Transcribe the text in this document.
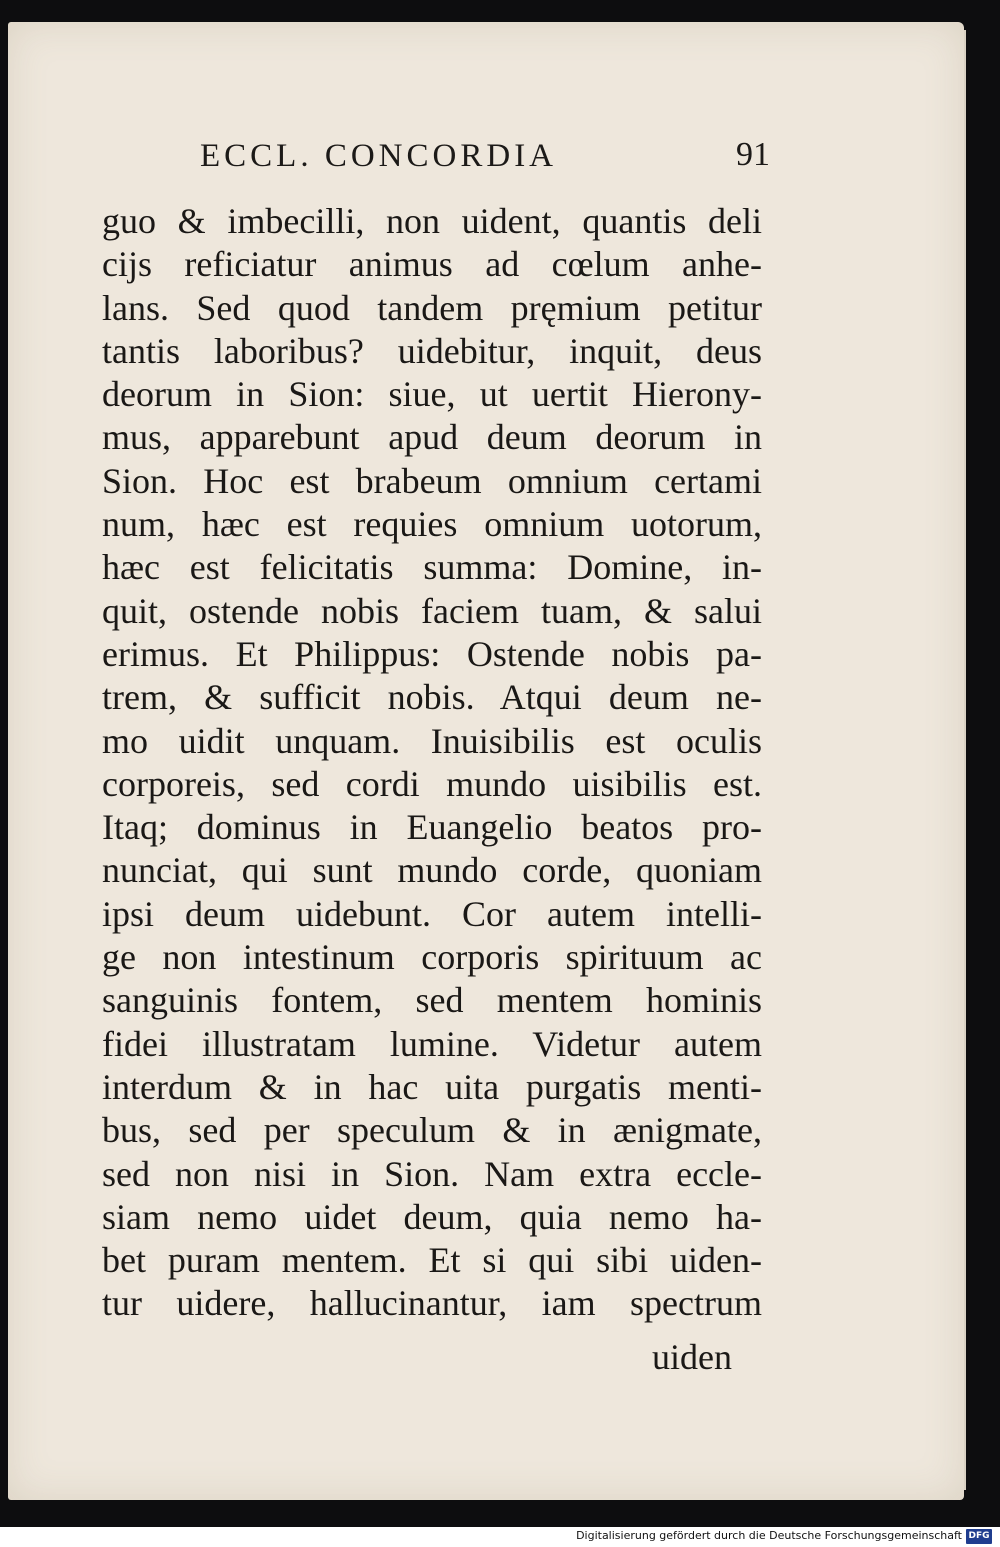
ECCL. CONCORDIA	91
guo & imbecilli, non uident, quantis deli
cijs reficiatur animus ad cœlum anhe-
lans. Sed quod tandem pręmium petitur
tantis laboribus? uidebitur, inquit, deus
deorum in Sion: siue, ut uertit Hierony-
mus, apparebunt apud deum deorum in
Sion. Hoc est brabeum omnium certami
num, hæc est requies omnium uotorum,
hæc est felicitatis summa: Domine, in-
quit, ostende nobis faciem tuam, & salui
erimus. Et Philippus: Ostende nobis pa-
trem, & sufficit nobis. Atqui deum ne-
mo uidit unquam. Inuisibilis est oculis
corporeis, sed cordi mundo uisibilis est.
Itaq; dominus in Euangelio beatos pro-
nunciat, qui sunt mundo corde, quoniam
ipsi deum uidebunt. Cor autem intelli-
ge non intestinum corporis spirituum ac
sanguinis fontem, sed mentem hominis
fidei illustratam lumine. Videtur autem
interdum & in hac uita purgatis menti-
bus, sed per speculum & in ænigmate,
sed non nisi in Sion. Nam extra eccle-
siam nemo uidet deum, quia nemo ha-
bet puram mentem. Et si qui sibi uiden-
tur uidere, hallucinantur, iam spectrum
uiden
Digitalisierung gefördert durch die Deutsche Forschungsgemeinschaft DFG
